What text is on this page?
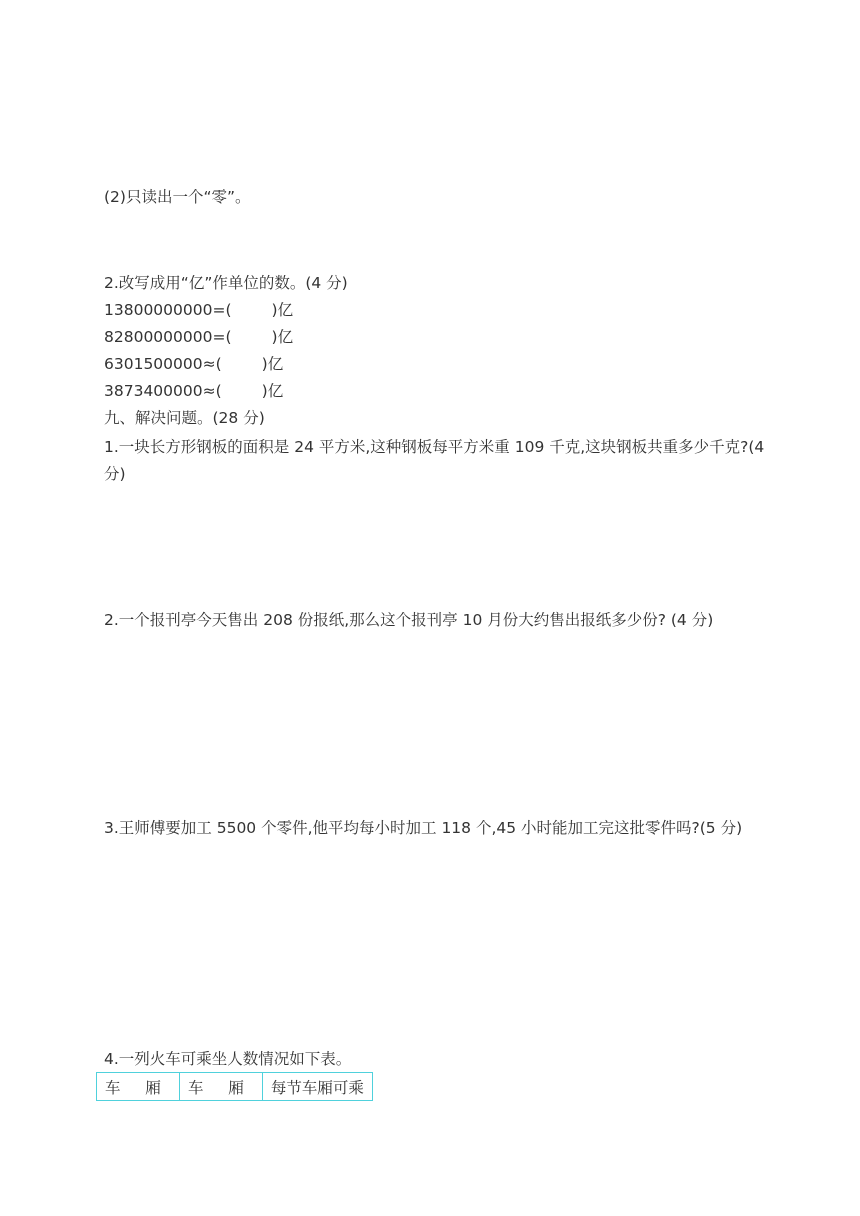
(2)只读出一个“零”。
2.改写成用“亿”作单位的数。(4 分)
13800000000=(	)亿
82800000000=(	)亿
6301500000≈(	)亿
3873400000≈(	)亿
九、解决问题。(28 分)
1.一块长方形钢板的面积是 24 平方米,这种钢板每平方米重 109 千克,这块钢板共重多少千克?(4 分)
2.一个报刊亭今天售出 208 份报纸,那么这个报刊亭 10 月份大约售出报纸多少份? (4 分)
3.王师傅要加工 5500 个零件,他平均每小时加工 118 个,45 小时能加工完这批零件吗?(5 分)
4.一列火车可乘坐人数情况如下表。
车 厢	车 厢	每节车厢可乘
